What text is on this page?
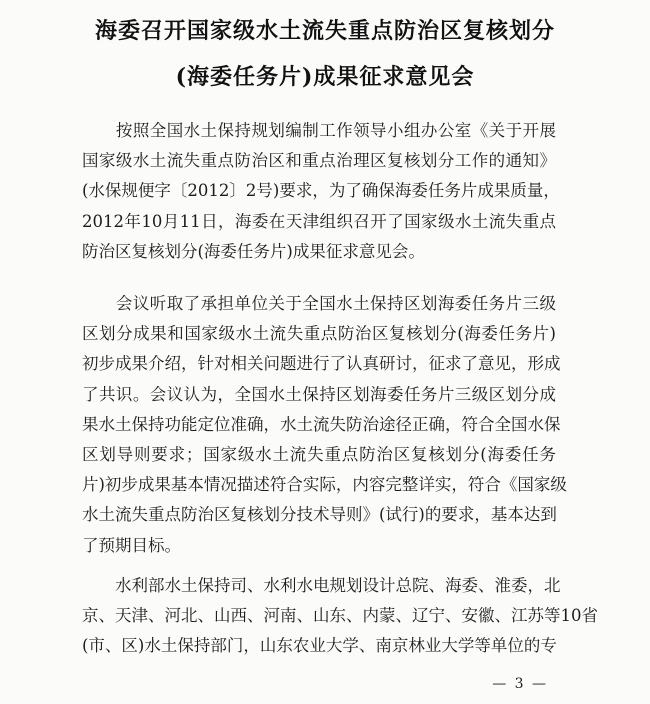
海委召开国家级水土流失重点防治区复核划分
(海委任务片)成果征求意见会
　　按照全国水土保持规划编制工作领导小组办公室《关于开展
国家级水土流失重点防治区和重点治理区复核划分工作的通知》
(水保规便字〔2012〕2号)要求，为了确保海委任务片成果质量，
2012年10月11日，海委在天津组织召开了国家级水土流失重点
防治区复核划分(海委任务片)成果征求意见会。
　　会议听取了承担单位关于全国水土保持区划海委任务片三级
区划分成果和国家级水土流失重点防治区复核划分(海委任务片)
初步成果介绍，针对相关问题进行了认真研讨，征求了意见，形成
了共识。会议认为，全国水土保持区划海委任务片三级区划分成
果水土保持功能定位准确，水土流失防治途径正确，符合全国水保
区划导则要求；国家级水土流失重点防治区复核划分(海委任务
片)初步成果基本情况描述符合实际，内容完整详实，符合《国家级
水土流失重点防治区复核划分技术导则》(试行)的要求，基本达到
了预期目标。
　　水利部水土保持司、水利水电规划设计总院、海委、淮委，北
京、天津、河北、山西、河南、山东、内蒙、辽宁、安徽、江苏等10省
(市、区)水土保持部门，山东农业大学、南京林业大学等单位的专
— 3 —
